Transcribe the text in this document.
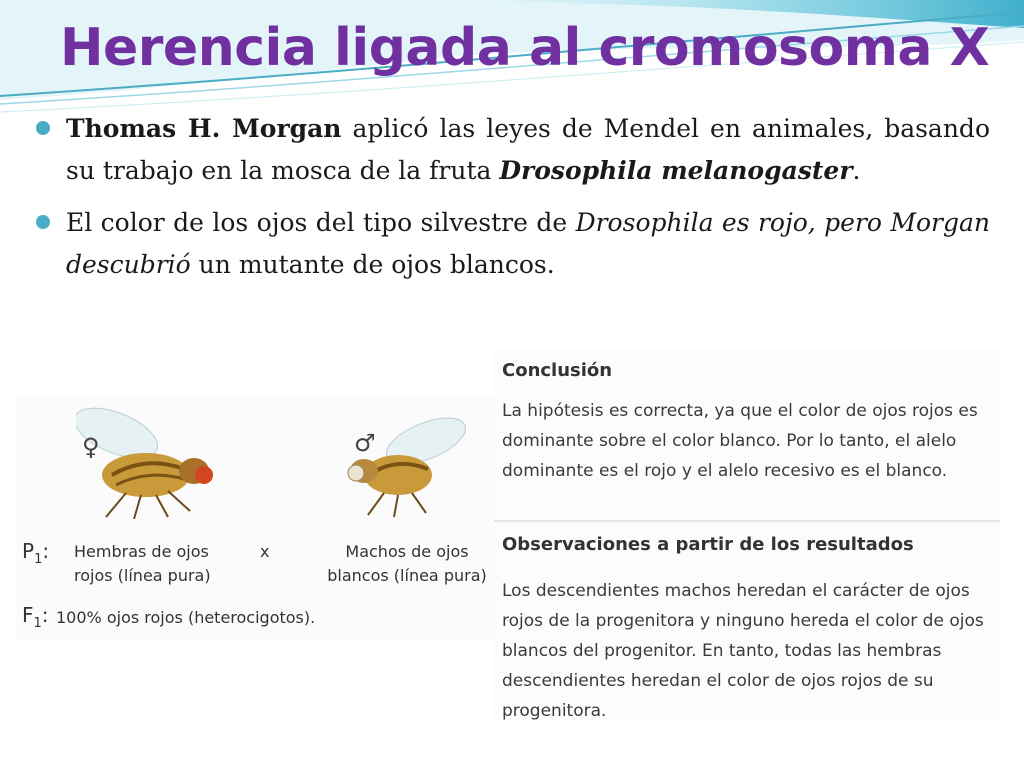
Herencia ligada al cromosoma X
Thomas H. Morgan aplicó las leyes de Mendel en animales, basando su trabajo en la mosca de la fruta Drosophila melanogaster.
El color de los ojos del tipo silvestre de Drosophila es rojo, pero Morgan descubrió un mutante de ojos blancos.
♀	♂
$P_1$: Hembras de ojos rojos (línea pura)
x	Machos de ojos blancos (línea pura)
$F_1$: 100% ojos rojos (heterocigotos).
Conclusión

La hipótesis es correcta, ya que el color de ojos rojos es dominante sobre el color blanco. Por lo tanto, el alelo dominante es el rojo y el alelo recesivo es el blanco.

Observaciones a partir de los resultados

Los descendientes machos heredan el carácter de ojos rojos de la progenitora y ninguno hereda el color de ojos blancos del progenitor. En tanto, todas las hembras descendientes heredan el color de ojos rojos de su progenitora.
